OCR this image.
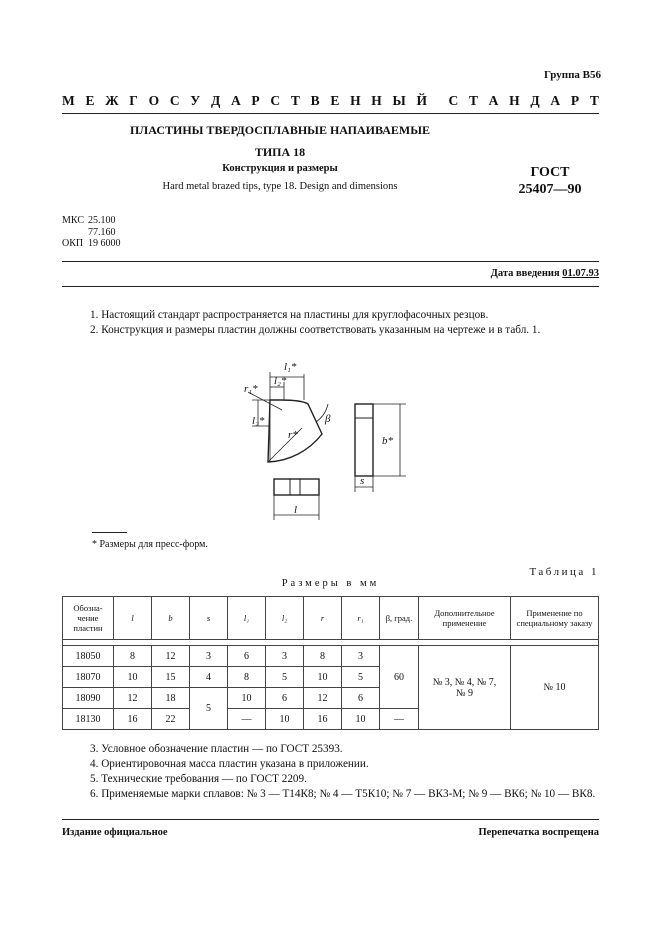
Группа В56
М Е Ж Г О С У Д А Р С Т В Е Н Н Ы Й С Т А Н Д А Р Т
ПЛАСТИНЫ ТВЕРДОСПЛАВНЫЕ НАПАИВАЕМЫЕ
ТИПА 18
Конструкция и размеры
Hard metal brazed tips, type 18. Design and dimensions
ГОСТ
25407—90
МКС 25.100
77.160
ОКП 19 6000
Дата введения 01.07.93
1. Настоящий стандарт распространяется на пластины для круглофасочных резцов.
2. Конструкция и размеры пластин должны соответствовать указанным на чертеже и в табл. 1.
l₁*
l₂*
r₁*
r*
l₂*	β
b*
s
l
* Размеры для пресс-форм.
Таблица 1
Размеры в мм
Обозна-чение пластин	l	b	s	l₁	l₂	r	r₁	β, град.	Дополнительное применение	Применение по специальному заказу

18050	8	12	3	6	3	8	3	60	№ 3, № 4, № 7, № 9	№ 10
18070	10	15	4	8	5	10	5			
18090	12	18	5	10	6	12	6			
18130	16	22		—	10	16	10	—		
3. Условное обозначение пластин — по ГОСТ 25393.
4. Ориентировочная масса пластин указана в приложении.
5. Технические требования — по ГОСТ 2209.
6. Применяемые марки сплавов: № 3 — Т14К8; № 4 — Т5К10; № 7 — ВК3-М; № 9 — ВК6; № 10 — ВК8.
Издание официальное	Перепечатка воспрещена
